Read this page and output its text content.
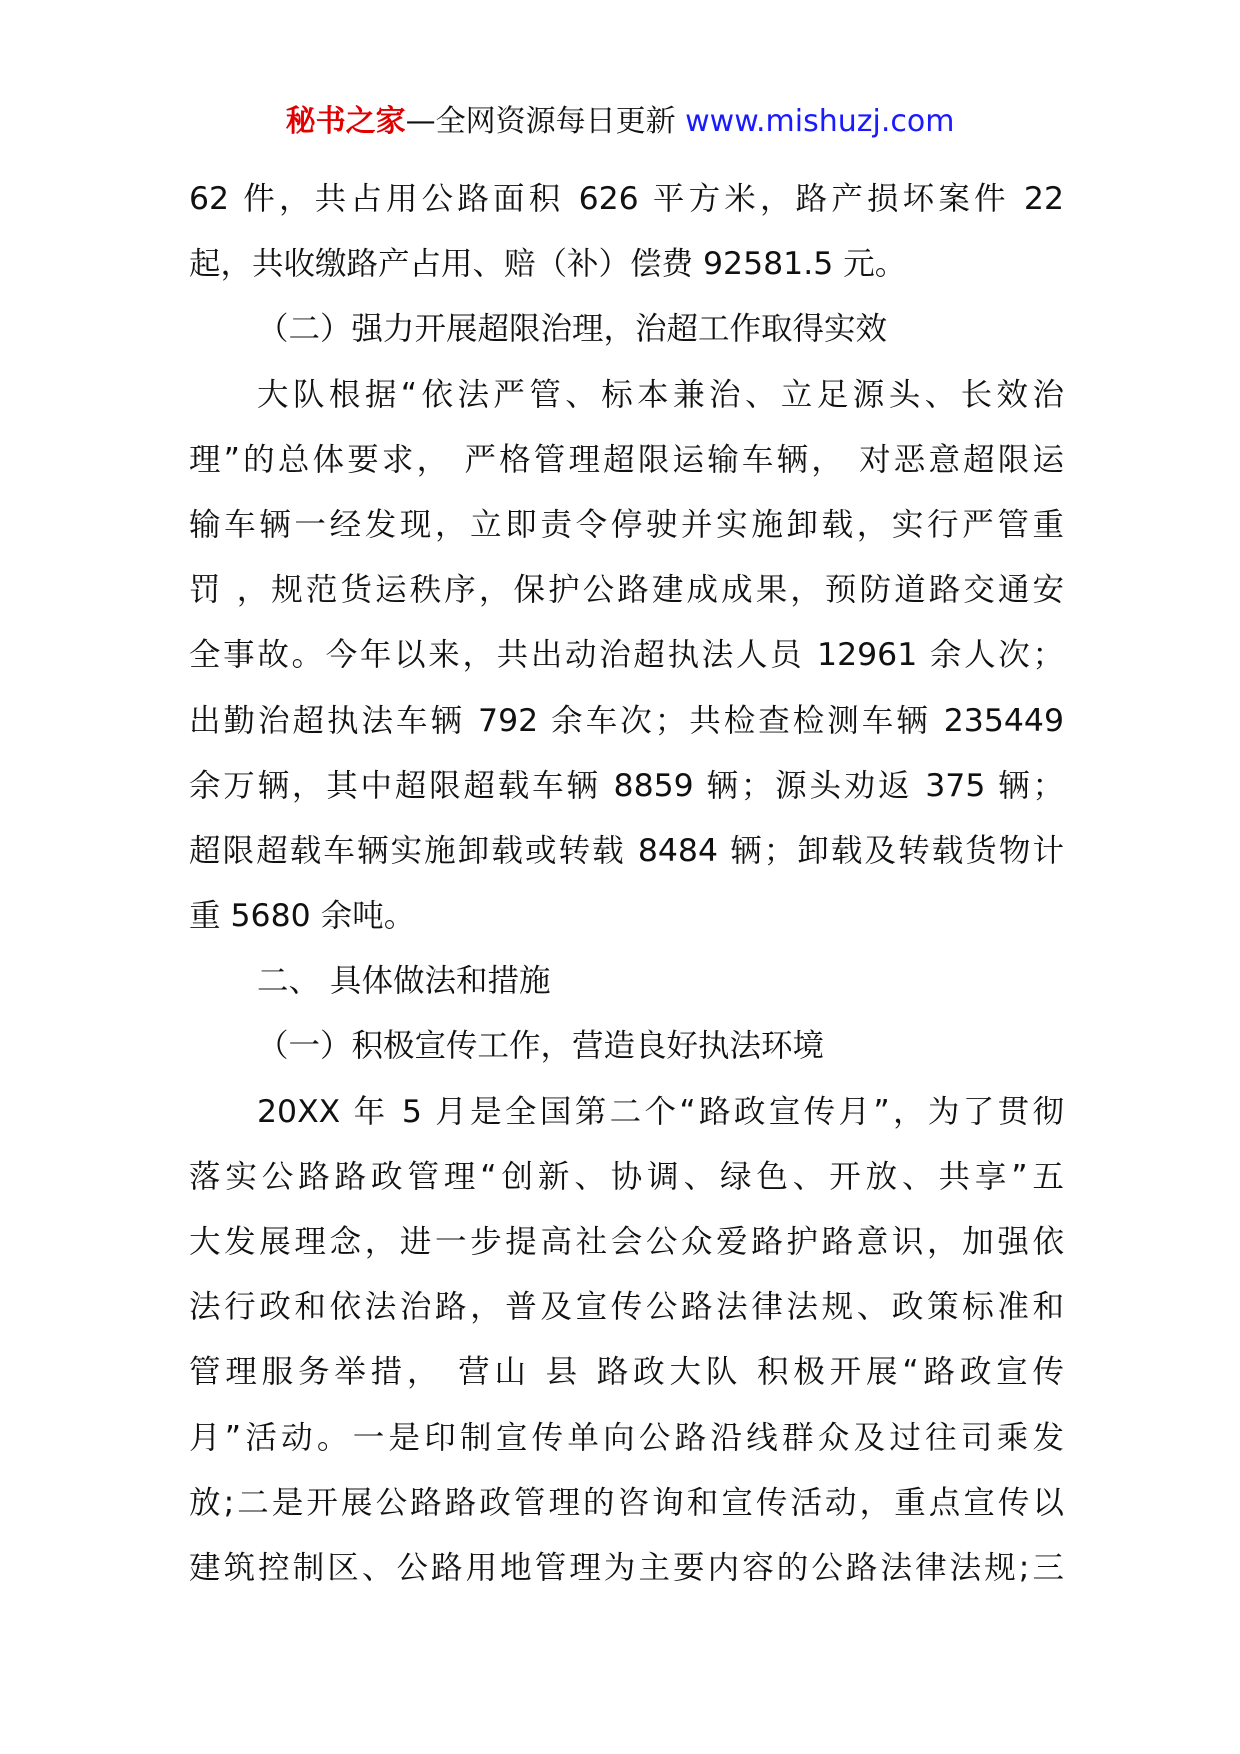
秘书之家—全网资源每日更新 www.mishuzj.com
62 件，共占用公路面积 626 平方米，路产损坏案件 22
起，共收缴路产占用、赔（补）偿费 92581.5 元。
（二）强力开展超限治理，治超工作取得实效
大队根据“依法严管、标本兼治、立足源头、长效治
理”的总体要求， 严格管理超限运输车辆， 对恶意超限运
输车辆一经发现，立即责令停驶并实施卸载，实行严管重
罚 ，规范货运秩序，保护公路建成成果，预防道路交通安
全事故。今年以来，共出动治超执法人员 12961 余人次；
出勤治超执法车辆 792 余车次；共检查检测车辆 235449
余万辆，其中超限超载车辆 8859 辆；源头劝返 375 辆；
超限超载车辆实施卸载或转载 8484 辆；卸载及转载货物计
重 5680 余吨。
二、 具体做法和措施
（一）积极宣传工作，营造良好执法环境
20XX 年 5 月是全国第二个“路政宣传月”，为了贯彻
落实公路路政管理“创新、协调、绿色、开放、共享”五
大发展理念，进一步提高社会公众爱路护路意识，加强依
法行政和依法治路，普及宣传公路法律法规、政策标准和
管理服务举措， 营山 县 路政大队 积极开展“路政宣传
月”活动。一是印制宣传单向公路沿线群众及过往司乘发
放;二是开展公路路政管理的咨询和宣传活动，重点宣传以
建筑控制区、公路用地管理为主要内容的公路法律法规;三
